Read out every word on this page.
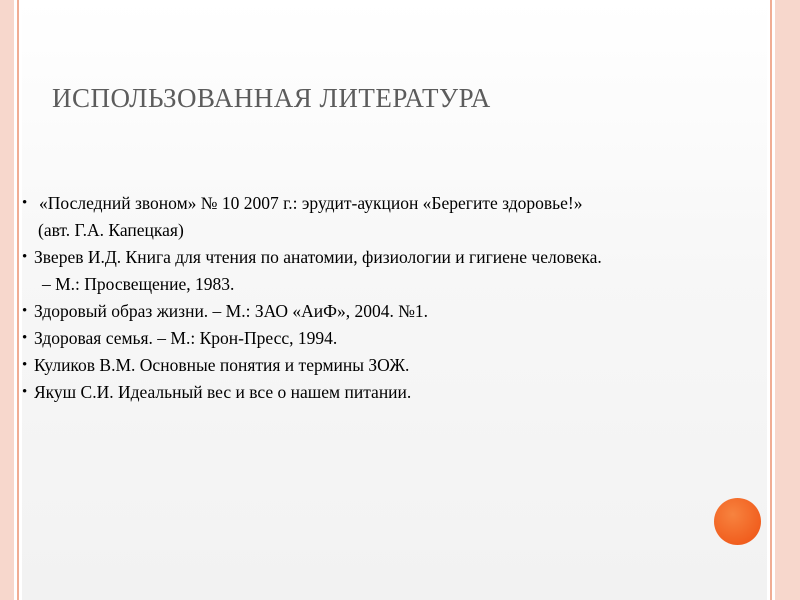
ИСПОЛЬЗОВАННАЯ ЛИТЕРАТУРА
• «Последний звоном» № 10 2007 г.: эрудит-аукцион «Берегите здоровье!»
(авт. Г.А. Капецкая)
• Зверев И.Д. Книга для чтения по анатомии, физиологии и гигиене человека.
– М.: Просвещение, 1983.
• Здоровый образ жизни. – М.: ЗАО «АиФ», 2004. №1.
• Здоровая семья. – М.: Крон-Пресс, 1994.
• Куликов В.М. Основные понятия и термины ЗОЖ.
• Якуш С.И. Идеальный вес и все о нашем питании.
